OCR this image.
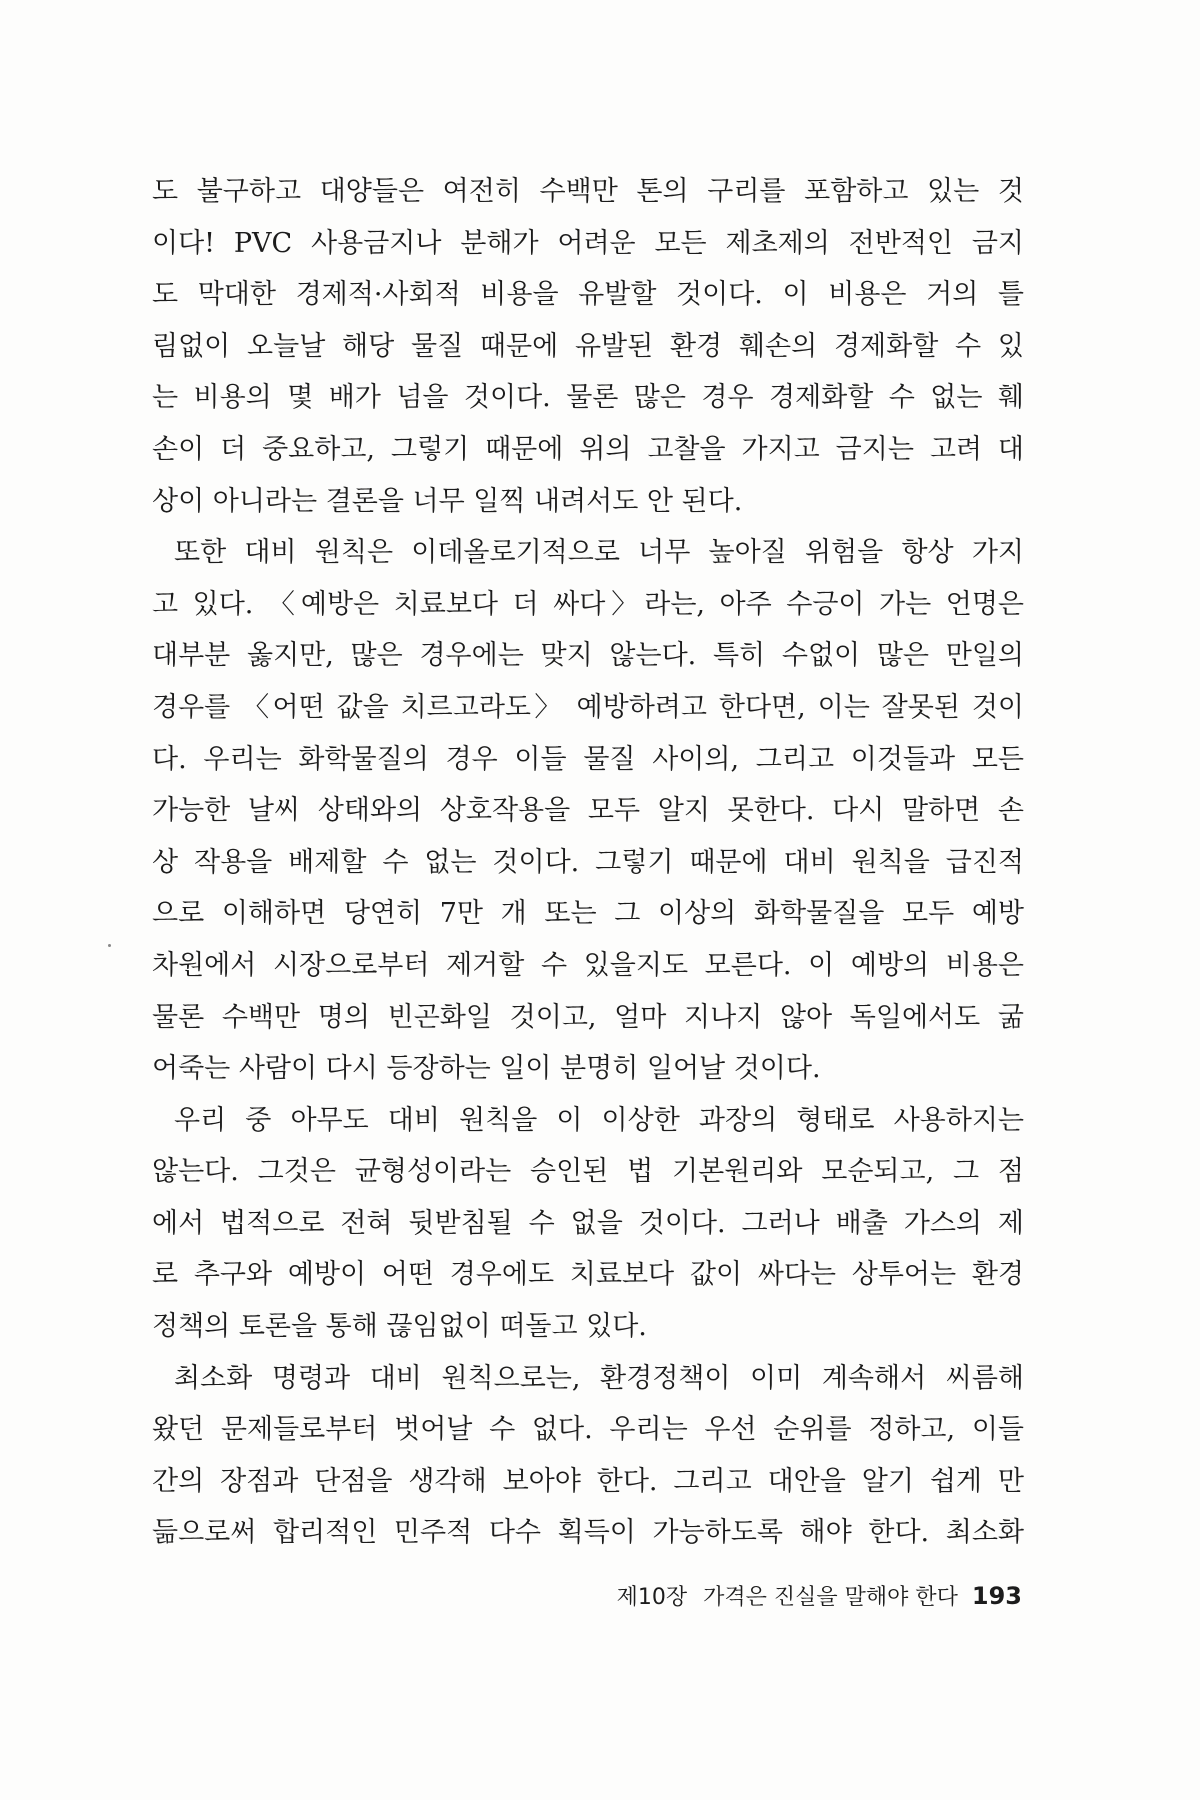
도 불구하고 대양들은 여전히 수백만 톤의 구리를 포함하고 있는 것
이다! PVC 사용금지나 분해가 어려운 모든 제초제의 전반적인 금지
도 막대한 경제적·사회적 비용을 유발할 것이다. 이 비용은 거의 틀
림없이 오늘날 해당 물질 때문에 유발된 환경 훼손의 경제화할 수 있
는 비용의 몇 배가 넘을 것이다. 물론 많은 경우 경제화할 수 없는 훼
손이 더 중요하고, 그렇기 때문에 위의 고찰을 가지고 금지는 고려 대
상이 아니라는 결론을 너무 일찍 내려서도 안 된다.
또한 대비 원칙은 이데올로기적으로 너무 높아질 위험을 항상 가지
고 있다. 〈예방은 치료보다 더 싸다〉라는, 아주 수긍이 가는 언명은
대부분 옳지만, 많은 경우에는 맞지 않는다. 특히 수없이 많은 만일의
경우를 〈어떤 값을 치르고라도〉 예방하려고 한다면, 이는 잘못된 것이
다. 우리는 화학물질의 경우 이들 물질 사이의, 그리고 이것들과 모든
가능한 날씨 상태와의 상호작용을 모두 알지 못한다. 다시 말하면 손
상 작용을 배제할 수 없는 것이다. 그렇기 때문에 대비 원칙을 급진적
으로 이해하면 당연히 7만 개 또는 그 이상의 화학물질을 모두 예방
차원에서 시장으로부터 제거할 수 있을지도 모른다. 이 예방의 비용은
물론 수백만 명의 빈곤화일 것이고, 얼마 지나지 않아 독일에서도 굶
어죽는 사람이 다시 등장하는 일이 분명히 일어날 것이다.
우리 중 아무도 대비 원칙을 이 이상한 과장의 형태로 사용하지는
않는다. 그것은 균형성이라는 승인된 법 기본원리와 모순되고, 그 점
에서 법적으로 전혀 뒷받침될 수 없을 것이다. 그러나 배출 가스의 제
로 추구와 예방이 어떤 경우에도 치료보다 값이 싸다는 상투어는 환경
정책의 토론을 통해 끊임없이 떠돌고 있다.
최소화 명령과 대비 원칙으로는, 환경정책이 이미 계속해서 씨름해
왔던 문제들로부터 벗어날 수 없다. 우리는 우선 순위를 정하고, 이들
간의 장점과 단점을 생각해 보아야 한다. 그리고 대안을 알기 쉽게 만
듦으로써 합리적인 민주적 다수 획득이 가능하도록 해야 한다. 최소화
제10장 가격은 진실을 말해야 한다 193
